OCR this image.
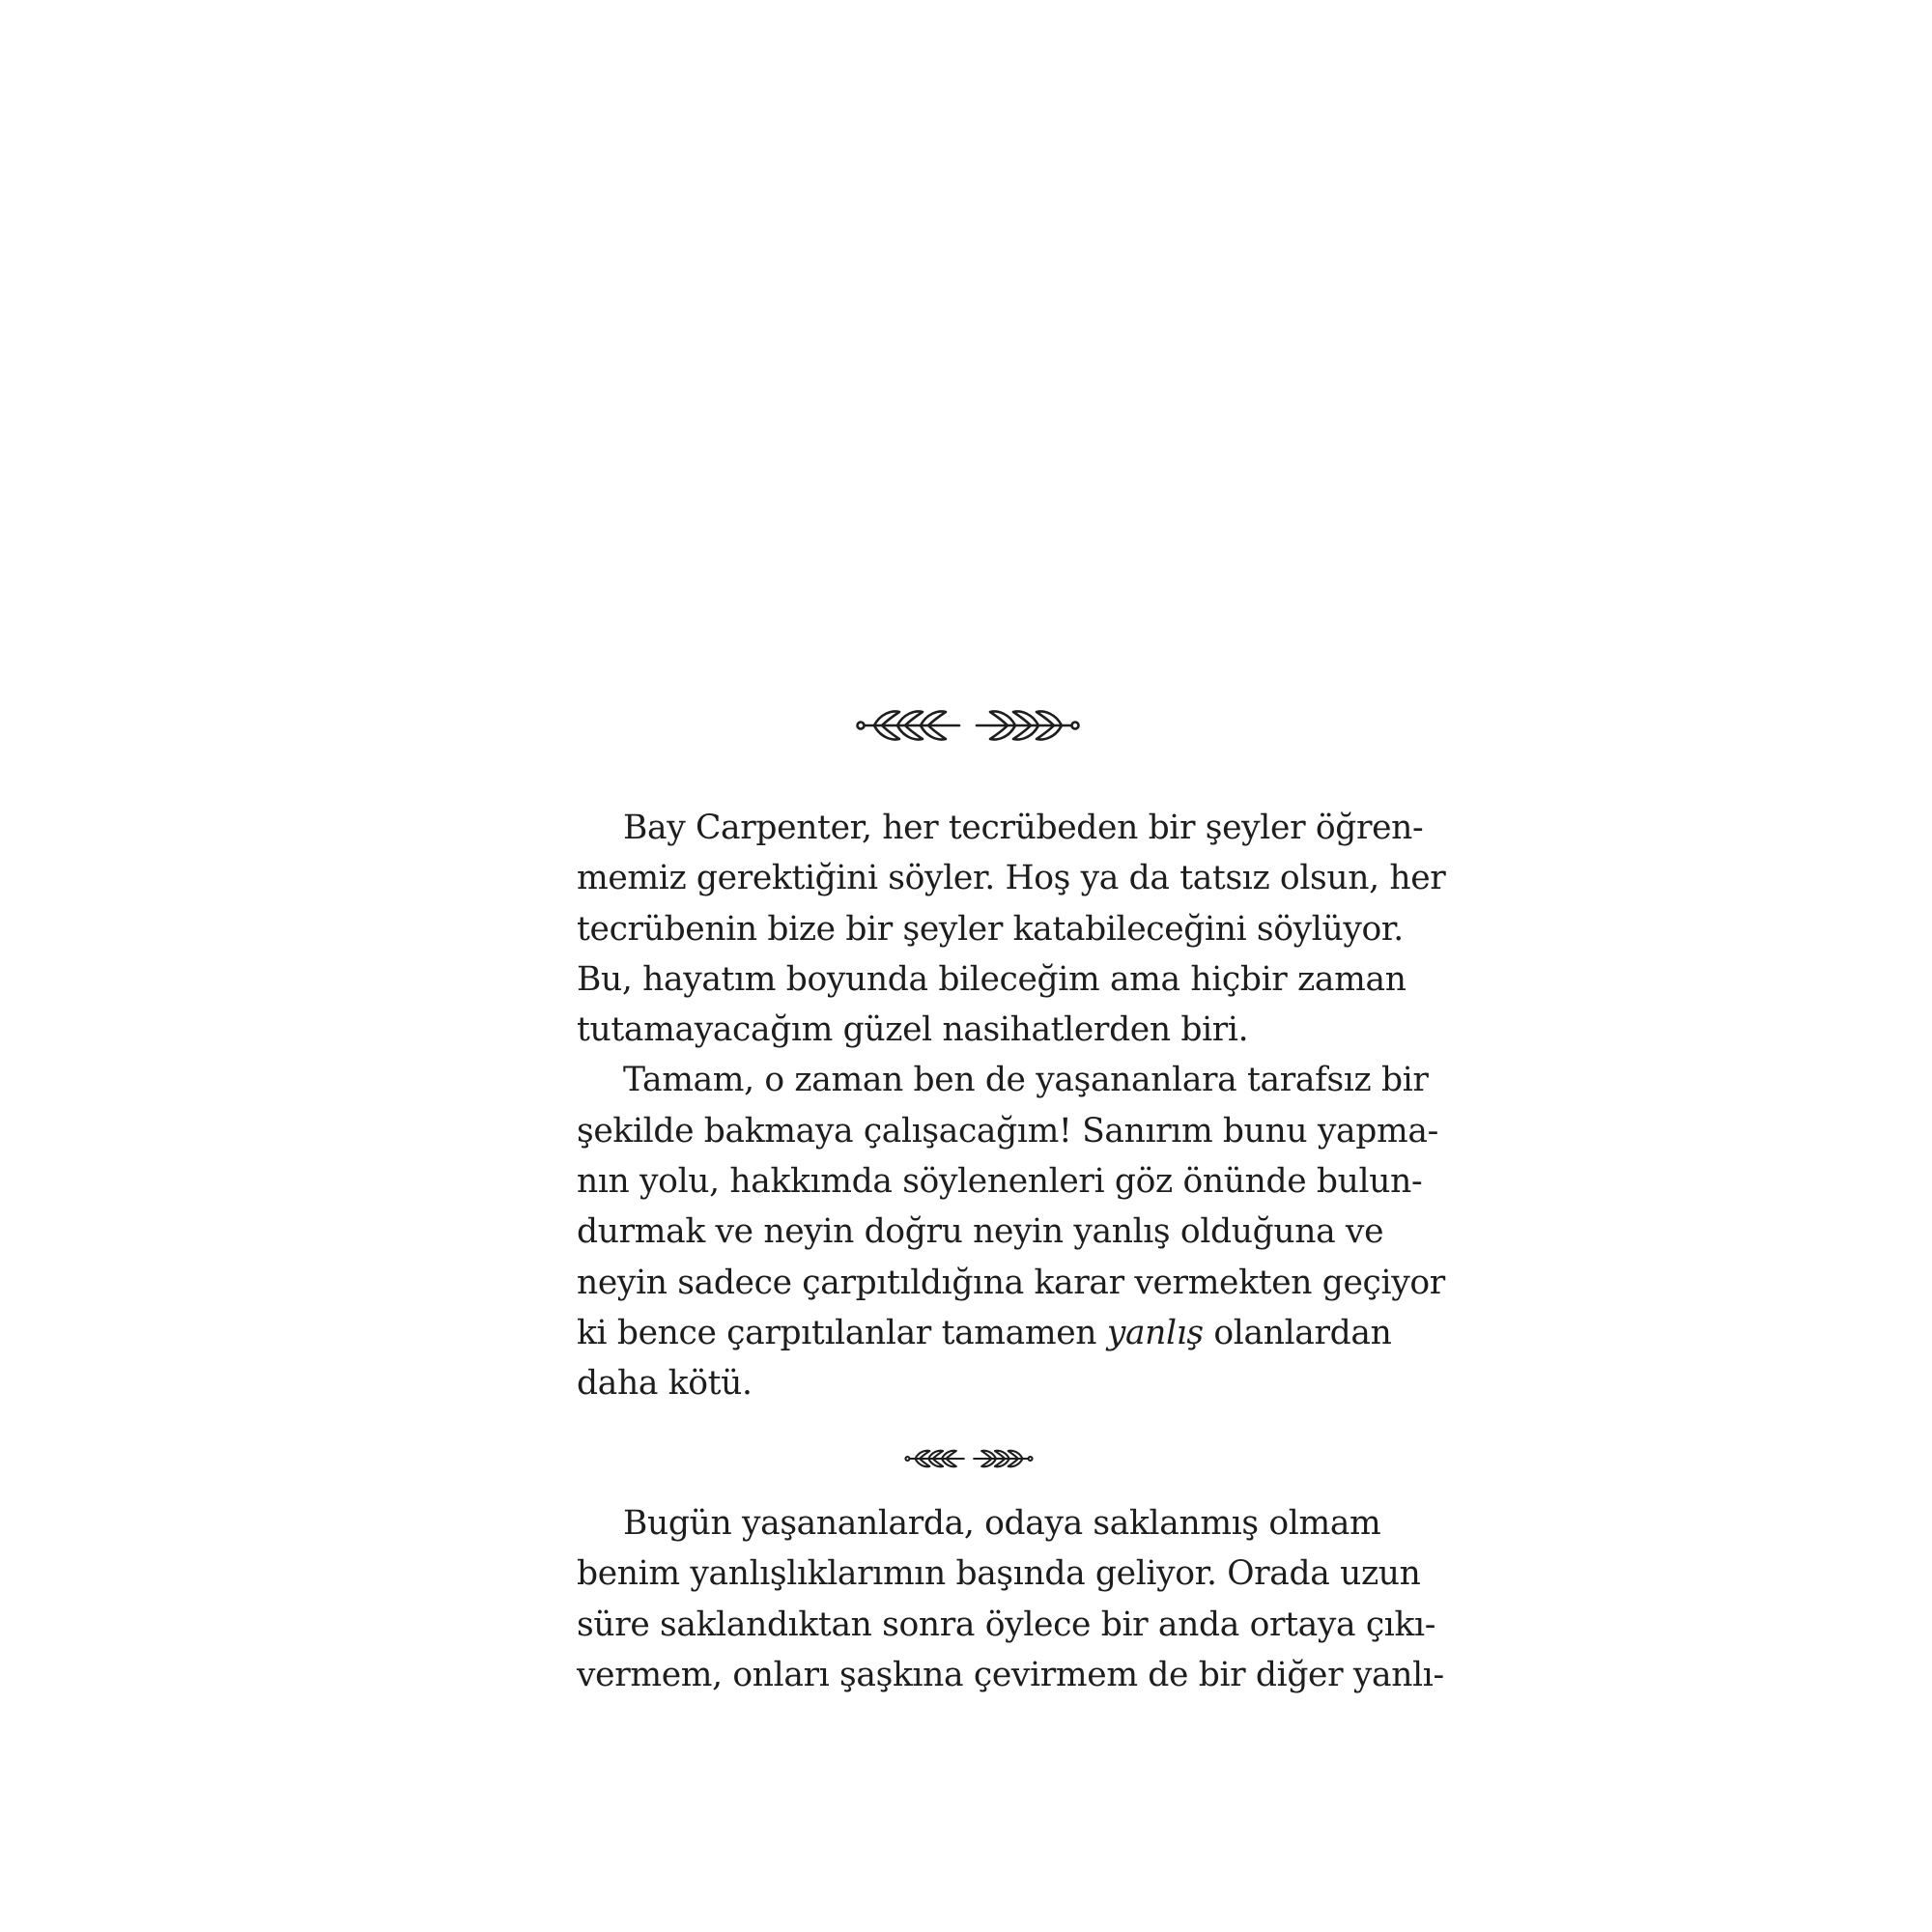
Bay Carpenter, her tecrübeden bir şeyler öğren-
memiz gerektiğini söyler. Hoş ya da tatsız olsun, her
tecrübenin bize bir şeyler katabileceğini söylüyor.
Bu, hayatım boyunda bileceğim ama hiçbir zaman
tutamayacağım güzel nasihatlerden biri.
Tamam, o zaman ben de yaşananlara tarafsız bir
şekilde bakmaya çalışacağım! Sanırım bunu yapma-
nın yolu, hakkımda söylenenleri göz önünde bulun-
durmak ve neyin doğru neyin yanlış olduğuna ve
neyin sadece çarpıtıldığına karar vermekten geçiyor
ki bence çarpıtılanlar tamamen yanlış olanlardan
daha kötü.
Bugün yaşananlarda, odaya saklanmış olmam
benim yanlışlıklarımın başında geliyor. Orada uzun
süre saklandıktan sonra öylece bir anda ortaya çıkı-
vermem, onları şaşkına çevirmem de bir diğer yanlı-
